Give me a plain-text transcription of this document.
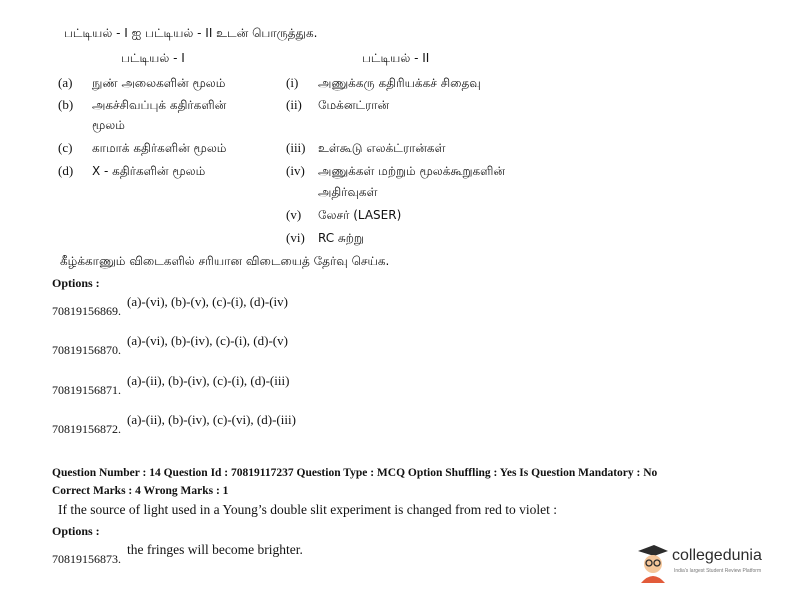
பட்டியல் - I ஐ பட்டியல் - II உடன் பொருத்துக.
பட்டியல் - I	பட்டியல் - II
(a) நுண் அலைகளின் மூலம்
(b) அகச்சிவப்புக் கதிர்களின்
மூலம்
(c) காமாக் கதிர்களின் மூலம்
(d) X - கதிர்களின் மூலம்
(i) அணுக்கரு கதிரியக்கச் சிதைவு
(ii) மேக்னட்ரான்
(iii) உள்கூடு எலக்ட்ரான்கள்
(iv) அணுக்கள் மற்றும் மூலக்கூறுகளின்
அதிர்வுகள்
(v) லேசர் (LASER)
(vi) RC சுற்று
கீழ்க்காணும் விடைகளில் சரியான விடையைத் தேர்வு செய்க.
Options :
70819156869.
(a)-(vi), (b)-(v), (c)-(i), (d)-(iv)
70819156870.
(a)-(vi), (b)-(iv), (c)-(i), (d)-(v)
70819156871.
(a)-(ii), (b)-(iv), (c)-(i), (d)-(iii)
70819156872.
(a)-(ii), (b)-(iv), (c)-(vi), (d)-(iii)
Question Number : 14 Question Id : 70819117237 Question Type : MCQ Option Shuffling : Yes Is Question Mandatory : No
Correct Marks : 4 Wrong Marks : 1
If the source of light used in a Young’s double slit experiment is changed from red to violet :
Options :
70819156873.
the fringes will become brighter.	collegedunia
India's largest Student Review Platform
